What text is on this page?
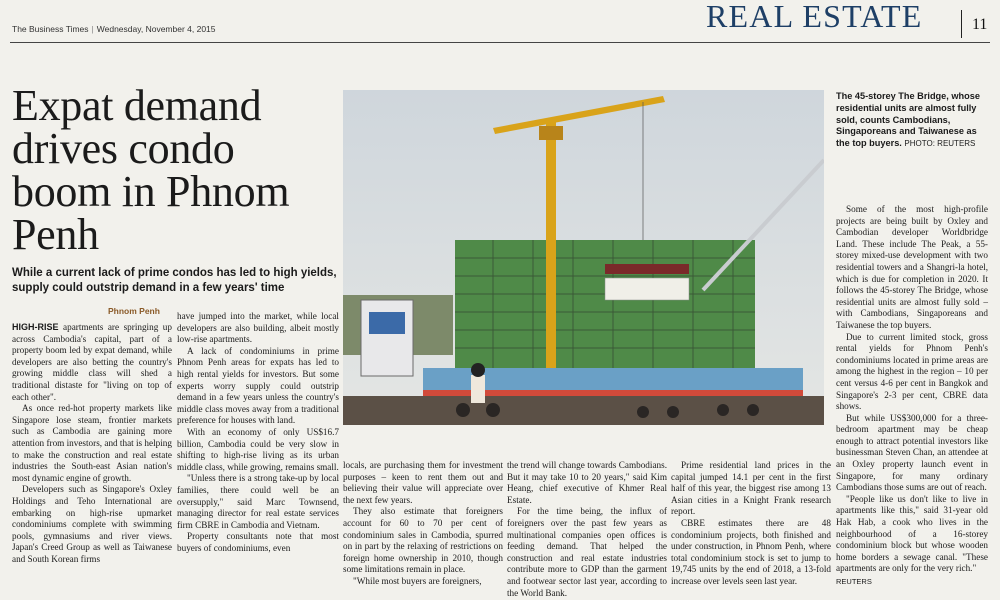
The Business Times | Wednesday, November 4, 2015	REAL ESTATE	11
Expat demand drives condo boom in Phnom Penh
While a current lack of prime condos has led to high yields, supply could outstrip demand in a few years' time
Phnom Penh
The 45-storey The Bridge, whose residential units are almost fully sold, counts Cambodians, Singaporeans and Taiwanese as the top buyers. PHOTO: REUTERS

HIGH-RISE apartments are springing up across Cambodia's capital, part of a property boom led by expat demand, while developers are also betting the country's growing middle class will shed a traditional distaste for "living on top of each other".

As once red-hot property markets like Singapore lose steam, frontier markets such as Cambodia are gaining more attention from investors, and that is helping to make the construction and real estate industries the South-east Asian nation's most dynamic engine of growth.

Developers such as Singapore's Oxley Holdings and Teho International are embarking on high-rise upmarket condominiums complete with swimming pools, gymnasiums and river views. Japan's Creed Group as well as Taiwanese and South Korean firms

have jumped into the market, while local developers are also building, albeit mostly low-rise apartments.

A lack of condominiums in prime Phnom Penh areas for expats has led to high rental yields for investors. But some experts worry supply could outstrip demand in a few years unless the country's middle class moves away from a traditional preference for houses with land.

With an economy of only US$16.7 billion, Cambodia could be very slow in shifting to high-rise living as its urban middle class, while growing, remains small.

"Unless there is a strong take-up by local families, there could well be an oversupply," said Marc Townsend, managing director for real estate services firm CBRE in Cambodia and Vietnam.

Property consultants note that most buyers of condominiums, even

locals, are purchasing them for investment purposes – keen to rent them out and believing their value will appreciate over the next few years.

They also estimate that foreigners account for 60 to 70 per cent of condominium sales in Cambodia, spurred on in part by the relaxing of restrictions on foreign home ownership in 2010, though some limitations remain in place.

"While most buyers are foreigners,

the trend will change towards Cambodians. But it may take 10 to 20 years," said Kim Heang, chief executive of Khmer Real Estate.

For the time being, the influx of foreigners over the past few years as multinational companies open offices is feeding demand. That helped the construction and real estate industries contribute more to GDP than the garment and footwear sector last year, according to the World Bank.

Prime residential land prices in the capital jumped 14.1 per cent in the first half of this year, the biggest rise among 13 Asian cities in a Knight Frank research report.

CBRE estimates there are 48 condominium projects, both finished and under construction, in Phnom Penh, where total condominium stock is set to jump to 19,745 units by the end of 2018, a 13-fold increase over levels seen last year.

Some of the most high-profile projects are being built by Oxley and Cambodian developer Worldbridge Land. These include The Peak, a 55-storey mixed-use development with two residential towers and a Shangri-la hotel, which is due for completion in 2020. It follows the 45-storey The Bridge, whose residential units are almost fully sold – with Cambodians, Singaporeans and Taiwanese the top buyers.

Due to current limited stock, gross rental yields for Phnom Penh's condominiums located in prime areas are among the highest in the region – 10 per cent versus 4-6 per cent in Bangkok and Singapore's 2-3 per cent, CBRE data shows.

But while US$300,000 for a three-bedroom apartment may be cheap enough to attract potential investors like businessman Steven Chan, an attendee at an Oxley property launch event in Singapore, for many ordinary Cambodians those sums are out of reach.

"People like us don't like to live in apartments like this," said 31-year old Hak Hab, a cook who lives in the neighbourhood of a 16-storey condominium block but whose wooden home borders a sewage canal. "These apartments are only for the very rich."

REUTERS
